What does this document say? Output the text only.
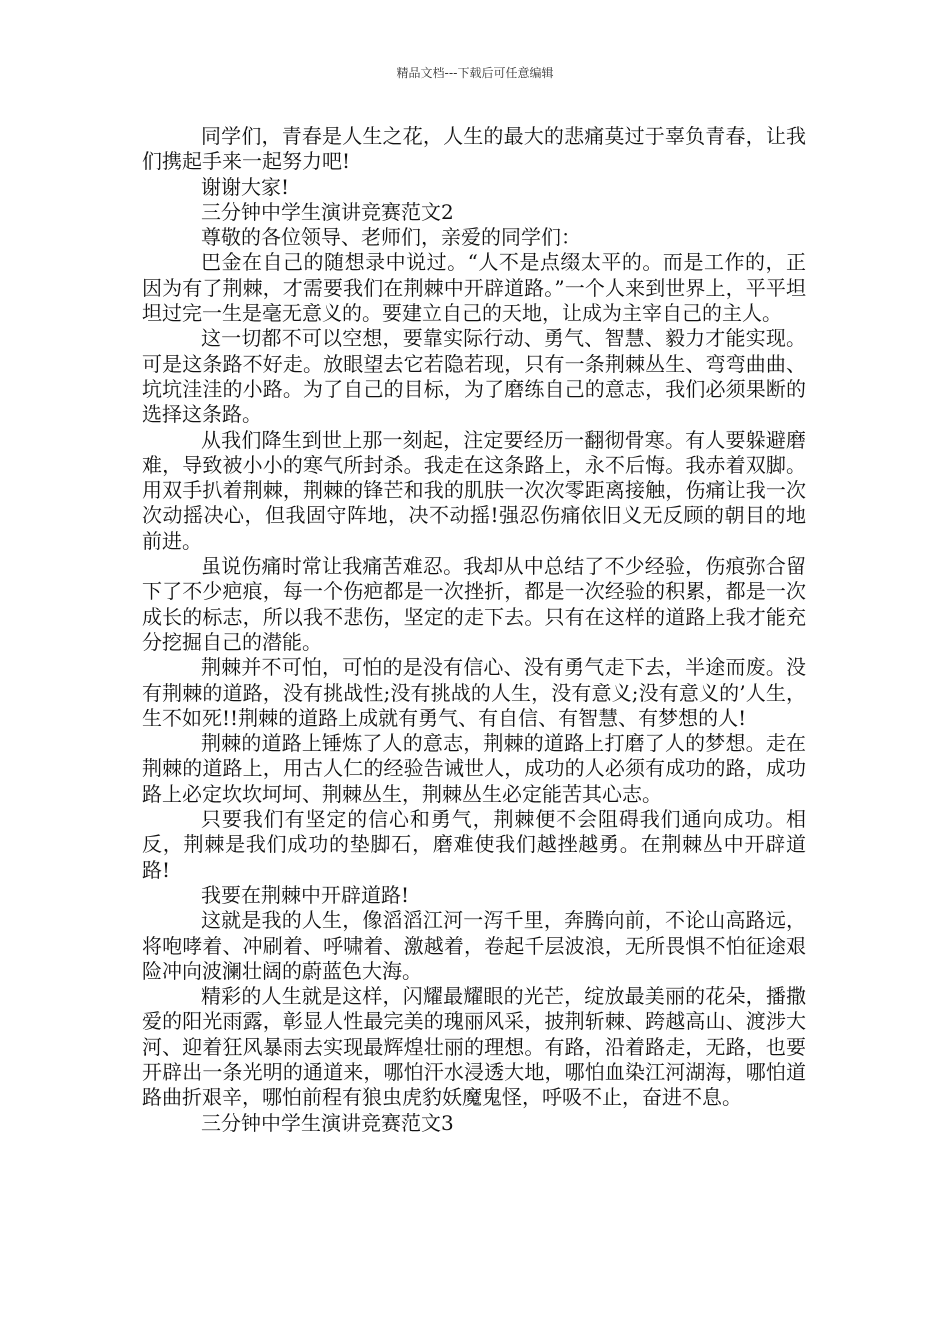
精品文档---下载后可任意编辑

同学们，青春是人生之花，人生的最大的悲痛莫过于辜负青春，让我们携起手来一起努力吧!

谢谢大家!

三分钟中学生演讲竞赛范文2

尊敬的各位领导、老师们，亲爱的同学们：

巴金在自己的随想录中说过。“人不是点缀太平的。而是工作的，正因为有了荆棘，才需要我们在荆棘中开辟道路。”一个人来到世界上，平平坦坦过完一生是毫无意义的。要建立自己的天地，让成为主宰自己的主人。

这一切都不可以空想，要靠实际行动、勇气、智慧、毅力才能实现。可是这条路不好走。放眼望去它若隐若现，只有一条荆棘丛生、弯弯曲曲、坑坑洼洼的小路。为了自己的目标，为了磨练自己的意志，我们必须果断的选择这条路。

从我们降生到世上那一刻起，注定要经历一翻彻骨寒。有人要躲避磨难，导致被小小的寒气所封杀。我走在这条路上，永不后悔。我赤着双脚。用双手扒着荆棘，荆棘的锋芒和我的肌肤一次次零距离接触，伤痛让我一次次动摇决心，但我固守阵地，决不动摇!强忍伤痛依旧义无反顾的朝目的地前进。

虽说伤痛时常让我痛苦难忍。我却从中总结了不少经验，伤痕弥合留下了不少疤痕，每一个伤疤都是一次挫折，都是一次经验的积累，都是一次成长的标志，所以我不悲伤，坚定的走下去。只有在这样的道路上我才能充分挖掘自己的潜能。

荆棘并不可怕，可怕的是没有信心、没有勇气走下去，半途而废。没有荆棘的道路，没有挑战性;没有挑战的人生，没有意义;没有意义的’人生，生不如死!!荆棘的道路上成就有勇气、有自信、有智慧、有梦想的人!

荆棘的道路上锤炼了人的意志，荆棘的道路上打磨了人的梦想。走在荆棘的道路上，用古人仁的经验告诫世人，成功的人必须有成功的路，成功路上必定坎坎坷坷、荆棘丛生，荆棘丛生必定能苦其心志。

只要我们有坚定的信心和勇气，荆棘便不会阻碍我们通向成功。相反，荆棘是我们成功的垫脚石，磨难使我们越挫越勇。在荆棘丛中开辟道路!

我要在荆棘中开辟道路!

这就是我的人生，像滔滔江河一泻千里，奔腾向前，不论山高路远，将咆哮着、冲刷着、呼啸着、激越着，卷起千层波浪，无所畏惧不怕征途艰险冲向波澜壮阔的蔚蓝色大海。

精彩的人生就是这样，闪耀最耀眼的光芒，绽放最美丽的花朵，播撒爱的阳光雨露，彰显人性最完美的瑰丽风采，披荆斩棘、跨越高山、渡涉大河、迎着狂风暴雨去实现最辉煌壮丽的理想。有路，沿着路走，无路，也要开辟出一条光明的通道来，哪怕汗水浸透大地，哪怕血染江河湖海，哪怕道路曲折艰辛，哪怕前程有狼虫虎豹妖魔鬼怪，呼吸不止，奋进不息。

三分钟中学生演讲竞赛范文3
